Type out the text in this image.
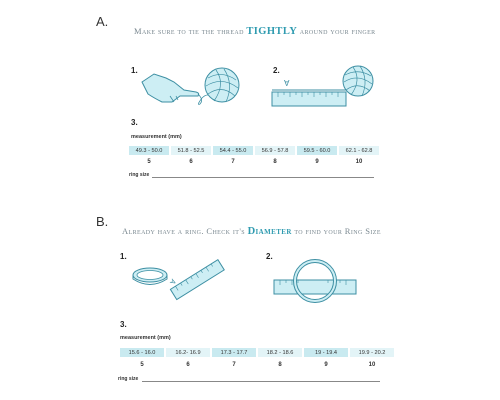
A.
Make sure to tie the thread TIGHTLY around your finger
1.	2.
3.
∀
measurement (mm)
49.3 - 50.0	51.8 - 52.5	54.4 - 55.0	56.9 - 57.8	59.5 - 60.0	62.1 - 62.8
5	6	7	8	9	10
ring size
B.
Already have a ring. Check it's Diameter to find your Ring Size
1.	2.
3.
∀
measurement (mm)
15.6 - 16.0	16.2- 16.9	17.3 - 17.7	18.2 - 18.6	19 - 19.4	19.9 - 20.2
5	6	7	8	9	10
ring size
